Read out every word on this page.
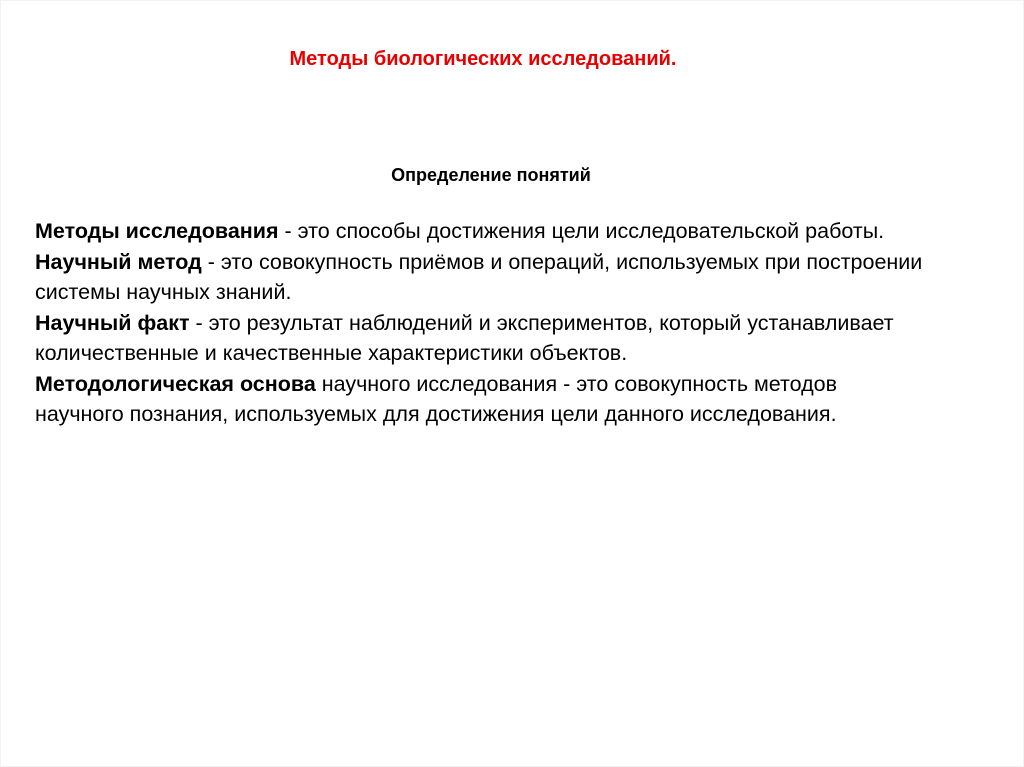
Методы биологических исследований.
Определение понятий

Методы исследования - это способы достижения цели исследовательской работы.

Научный метод - это совокупность приёмов и операций, используемых при построении системы научных знаний.

Научный факт - это результат наблюдений и экспериментов, который устанавливает количественные и качественные характеристики объектов.

Методологическая основа научного исследования - это совокупность методов научного познания, используемых для достижения цели данного исследования.
